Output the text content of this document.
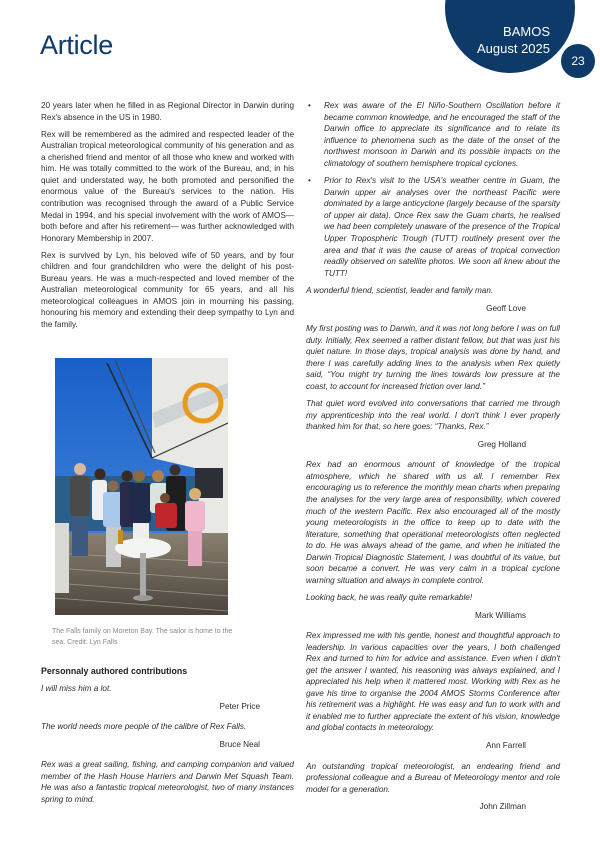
Article	BAMOS
August 2025
23

20 years later when he filled in as Regional Director in Darwin during Rex's absence in the US in 1980.

Rex will be remembered as the admired and respected leader of the Australian tropical meteorological community of his generation and as a cherished friend and mentor of all those who knew and worked with him. He was totally committed to the work of the Bureau, and, in his quiet and understated way, he both promoted and personified the enormous value of the Bureau's services to the nation. His contribution was recognised through the award of a Public Service Medal in 1994, and his special involvement with the work of AMOS—both before and after his retirement— was further acknowledged with Honorary Membership in 2007.

Rex is survived by Lyn, his beloved wife of 50 years, and by four children and four grandchildren who were the delight of his post-Bureau years. He was a much-respected and loved member of the Australian meteorological community for 65 years, and all his meteorological colleagues in AMOS join in mourning his passing, honouring his memory and extending their deep sympathy to Lyn and the family.

The Falls family on Moreton Bay. The sailor is home to the sea. Credit: Lyn Falls
Personnaly authored contributions

I will miss him a lot.

Peter Price

The world needs more people of the calibre of Rex Falls.

Bruce Neal

Rex was a great sailing, fishing, and camping companion and valued member of the Hash House Harriers and Darwin Met Squash Team. He was also a fantastic tropical meteorologist, two of many instances spring to mind.

• Rex was aware of the El Niño-Southern Oscillation before it became common knowledge, and he encouraged the staff of the Darwin office to appreciate its significance and to relate its influence to phenomena such as the date of the onset of the northwest monsoon in Darwin and its possible impacts on the climatology of southern hemisphere tropical cyclones.
• Prior to Rex's visit to the USA's weather centre in Guam, the Darwin upper air analyses over the northeast Pacific were dominated by a large anticyclone (largely because of the sparsity of upper air data). Once Rex saw the Guam charts, he realised we had been completely unaware of the presence of the Tropical Upper Tropospheric Trough (TUTT) routinely present over the area and that it was the cause of areas of tropical convection readily observed on satellite photos. We soon all knew about the TUTT!

A wonderful friend, scientist, leader and family man.

Geoff Love

My first posting was to Darwin, and it was not long before I was on full duty. Initially, Rex seemed a rather distant fellow, but that was just his quiet nature. In those days, tropical analysis was done by hand, and there I was carefully adding lines to the analysis when Rex quietly said, “You might try turning the lines towards low pressure at the coast, to account for increased friction over land.”

That quiet word evolved into conversations that carried me through my apprenticeship into the real world. I don't think I ever properly thanked him for that, so here goes: “Thanks, Rex.”

Greg Holland

Rex had an enormous amount of knowledge of the tropical atmosphere, which he shared with us all. I remember Rex encouraging us to reference the monthly mean charts when preparing the analyses for the very large area of responsibility, which covered much of the western Pacific. Rex also encouraged all of the mostly young meteorologists in the office to keep up to date with the literature, something that operational meteorologists often neglected to do. He was always ahead of the game, and when he initiated the Darwin Tropical Diagnostic Statement, I was doubtful of its value, but soon became a convert. He was very calm in a tropical cyclone warning situation and always in complete control.

Looking back, he was really quite remarkable!

Mark Williams

Rex impressed me with his gentle, honest and thoughtful approach to leadership. In various capacities over the years, I both challenged Rex and turned to him for advice and assistance. Even when I didn't get the answer I wanted, his reasoning was always explained, and I appreciated his help when it mattered most. Working with Rex as he gave his time to organise the 2004 AMOS Storms Conference after his retirement was a highlight. He was easy and fun to work with and it enabled me to further appreciate the extent of his vision, knowledge and global contacts in meteorology.

Ann Farrell

An outstanding tropical meteorologist, an endearing friend and professional colleague and a Bureau of Meteorology mentor and role model for a generation.

John Zillman
